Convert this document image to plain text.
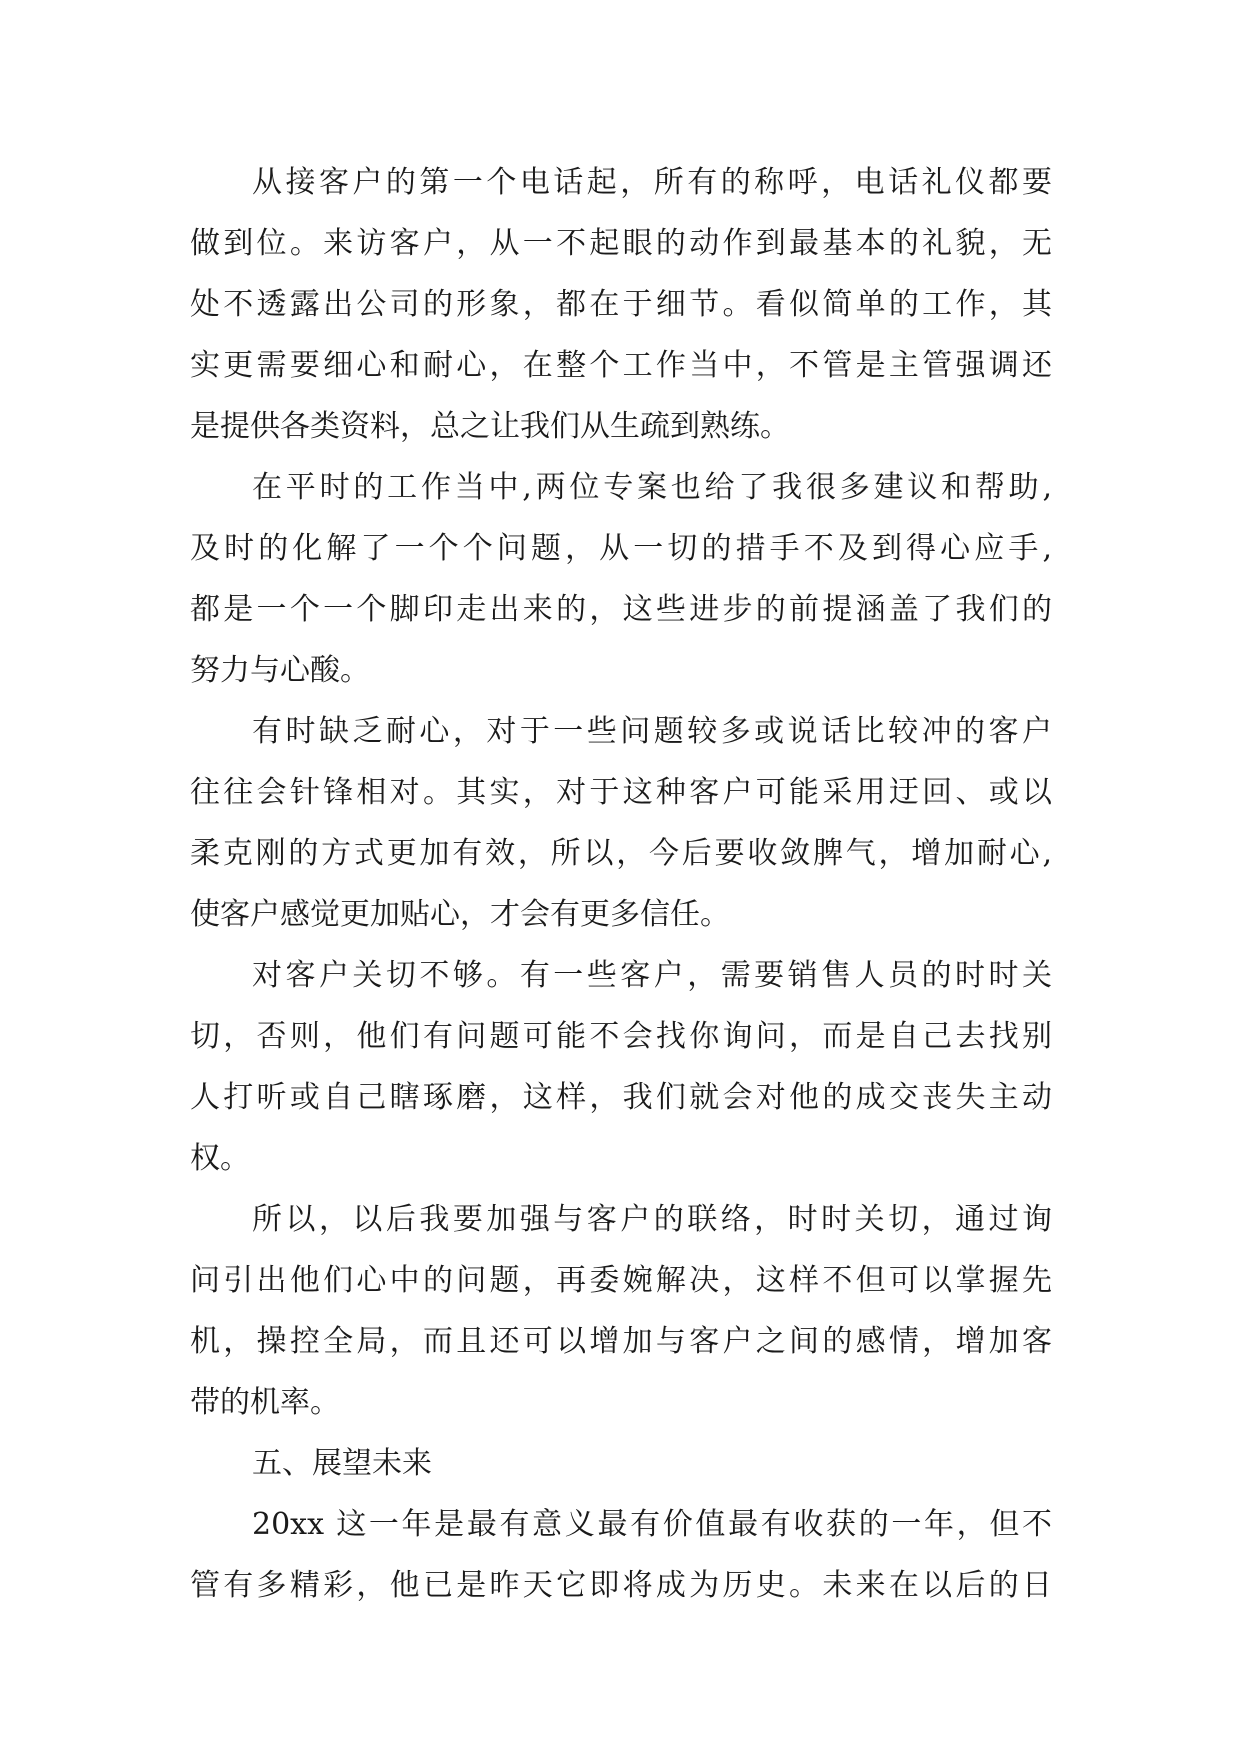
从接客户的第一个电话起，所有的称呼，电话礼仪都要
做到位。来访客户，从一不起眼的动作到最基本的礼貌，无
处不透露出公司的形象，都在于细节。看似简单的工作，其
实更需要细心和耐心，在整个工作当中，不管是主管强调还
是提供各类资料，总之让我们从生疏到熟练。
在平时的工作当中,两位专案也给了我很多建议和帮助,
及时的化解了一个个问题，从一切的措手不及到得心应手,
都是一个一个脚印走出来的，这些进步的前提涵盖了我们的
努力与心酸。
有时缺乏耐心，对于一些问题较多或说话比较冲的客户
往往会针锋相对。其实，对于这种客户可能采用迂回、或以
柔克刚的方式更加有效，所以，今后要收敛脾气，增加耐心,
使客户感觉更加贴心，才会有更多信任。
对客户关切不够。有一些客户，需要销售人员的时时关
切，否则，他们有问题可能不会找你询问，而是自己去找别
人打听或自己瞎琢磨，这样，我们就会对他的成交丧失主动
权。
所以，以后我要加强与客户的联络，时时关切，通过询
问引出他们心中的问题，再委婉解决，这样不但可以掌握先
机，操控全局，而且还可以增加与客户之间的感情，增加客
带的机率。
五、展望未来
20xx 这一年是最有意义最有价值最有收获的一年，但不
管有多精彩，他已是昨天它即将成为历史。未来在以后的日
